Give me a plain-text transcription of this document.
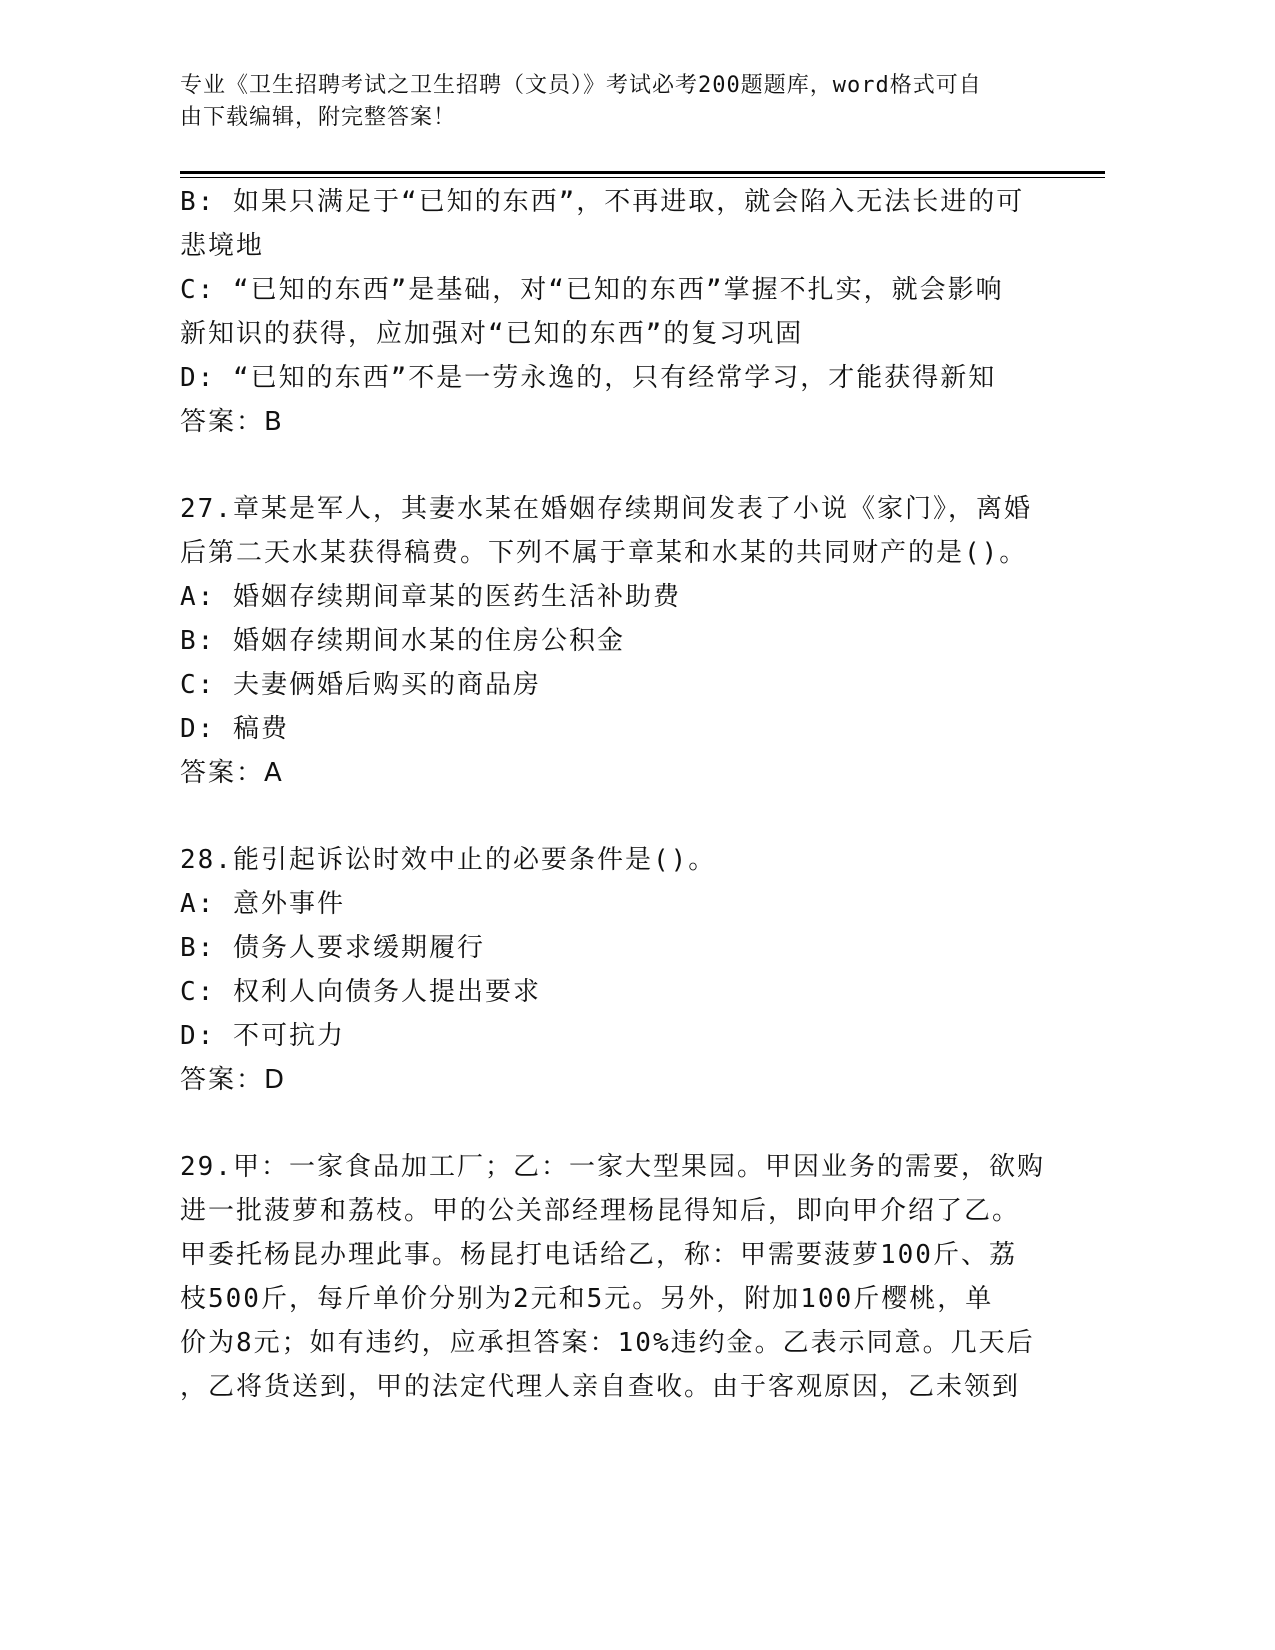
专业《卫生招聘考试之卫生招聘（文员）》考试必考200题题库，word格式可自

由下载编辑，附完整答案！

B: 如果只满足于“已知的东西”，不再进取，就会陷入无法长进的可
悲境地
C: “已知的东西”是基础，对“已知的东西”掌握不扎实，就会影响
新知识的获得，应加强对“已知的东西”的复习巩固
D: “已知的东西”不是一劳永逸的，只有经常学习，才能获得新知
答案：B
27.章某是军人，其妻水某在婚姻存续期间发表了小说《家门》，离婚
后第二天水某获得稿费。下列不属于章某和水某的共同财产的是()。
A: 婚姻存续期间章某的医药生活补助费
B: 婚姻存续期间水某的住房公积金
C: 夫妻俩婚后购买的商品房
D: 稿费
答案：A
28.能引起诉讼时效中止的必要条件是()。
A: 意外事件
B: 债务人要求缓期履行
C: 权利人向债务人提出要求
D: 不可抗力
答案：D
29.甲：一家食品加工厂；乙：一家大型果园。甲因业务的需要，欲购
进一批菠萝和荔枝。甲的公关部经理杨昆得知后，即向甲介绍了乙。
甲委托杨昆办理此事。杨昆打电话给乙，称：甲需要菠萝100斤、荔
枝500斤，每斤单价分别为2元和5元。另外，附加100斤樱桃，单
价为8元；如有违约，应承担答案：10%违约金。乙表示同意。几天后
，乙将货送到，甲的法定代理人亲自查收。由于客观原因，乙未领到
